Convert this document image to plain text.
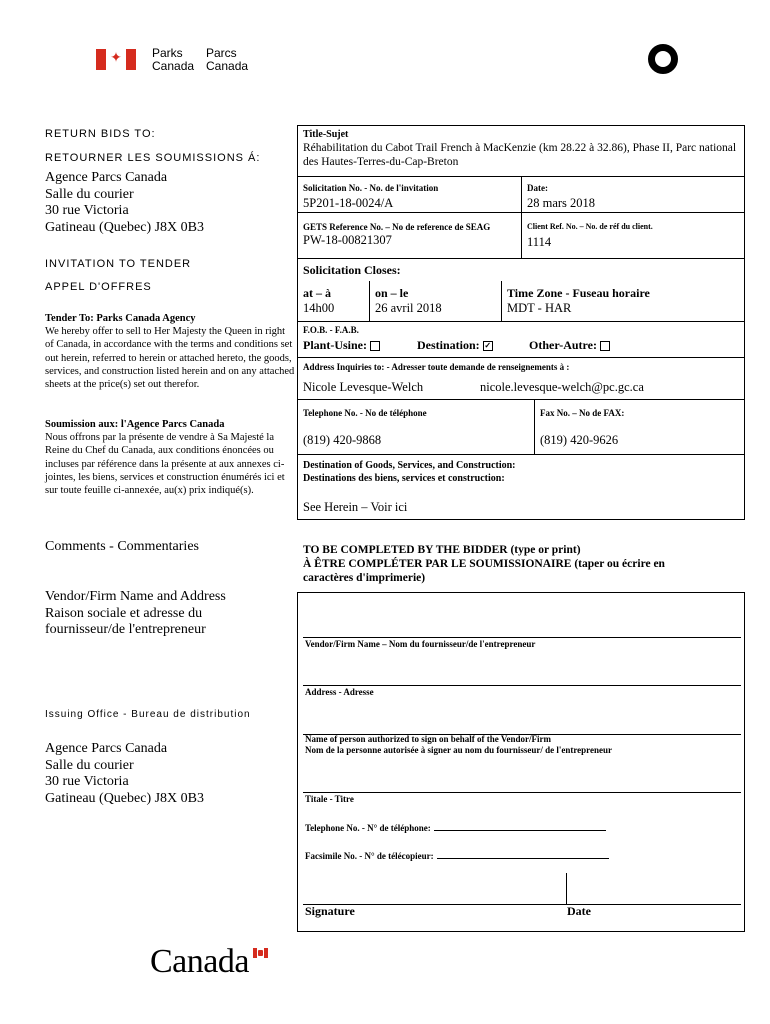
✦	Parks
Canada
Parcs
Canada
RETURN BIDS TO:
RETOURNER LES SOUMISSIONS Á:
Agence Parcs Canada
Salle du courier
30 rue Victoria
Gatineau (Quebec) J8X 0B3
INVITATION TO TENDER
APPEL D'OFFRES
Tender To: Parks Canada Agency
We hereby offer to sell to Her Majesty the Queen in right of Canada, in accordance with the terms and conditions set out herein, referred to herein or attached hereto, the goods, services, and construction listed herein and on any attached sheets at the price(s) set out therefor.
Soumission aux: l'Agence Parcs Canada
Nous offrons par la présente de vendre à Sa Majesté la Reine du Chef du Canada, aux conditions énoncées ou incluses par référence dans la présente at aux annexes ci-jointes, les biens, services et construction énumérés ici et sur toute feuille ci-annexée, au(x) prix indiqué(s).
Comments - Commentaries
Vendor/Firm Name and Address
Raison sociale et adresse du
fournisseur/de l'entrepreneur
Issuing Office - Bureau de distribution
Agence Parcs Canada
Salle du courier
30 rue Victoria
Gatineau (Quebec) J8X 0B3
Title-Sujet
Réhabilitation du Cabot Trail French à MacKenzie (km 28.22 à 32.86), Phase II, Parc national des Hautes-Terres-du-Cap-Breton
Solicitation No. - No. de l'invitation
5P201-18-0024/A
Date:
28 mars 2018
GETS Reference No. – No de reference de SEAG
PW-18-00821307
Client Ref. No. – No. de réf du client.
1114
Solicitation Closes:
at – à
14h00
on – le
26 avril 2018
Time Zone - Fuseau horaire
MDT - HAR
F.O.B. - F.A.B.
Plant-Usine:	Destination: ✓	Other-Autre:
Address Inquiries to: - Adresser toute demande de renseignements à :
Nicole Levesque-Welch	nicole.levesque-welch@pc.gc.ca
Telephone No. - No de téléphone
(819) 420-9868
Fax No. – No de FAX:
(819) 420-9626
Destination of Goods, Services, and Construction:
Destinations des biens, services et construction:
See Herein – Voir ici
TO BE COMPLETED BY THE BIDDER (type or print)
À ÊTRE COMPLÉTER PAR LE SOUMISSIONAIRE (taper ou écrire en
caractères d'imprimerie)
Vendor/Firm Name – Nom du fournisseur/de l'entrepreneur
Address - Adresse
Name of person authorized to sign on behalf of the Vendor/Firm
Nom de la personne autorisée à signer au nom du fournisseur/ de l'entrepreneur
Titale - Titre
Telephone No. - N° de téléphone:
Facsimile No. - N° de télécopieur:
Signature	Date
Canada
